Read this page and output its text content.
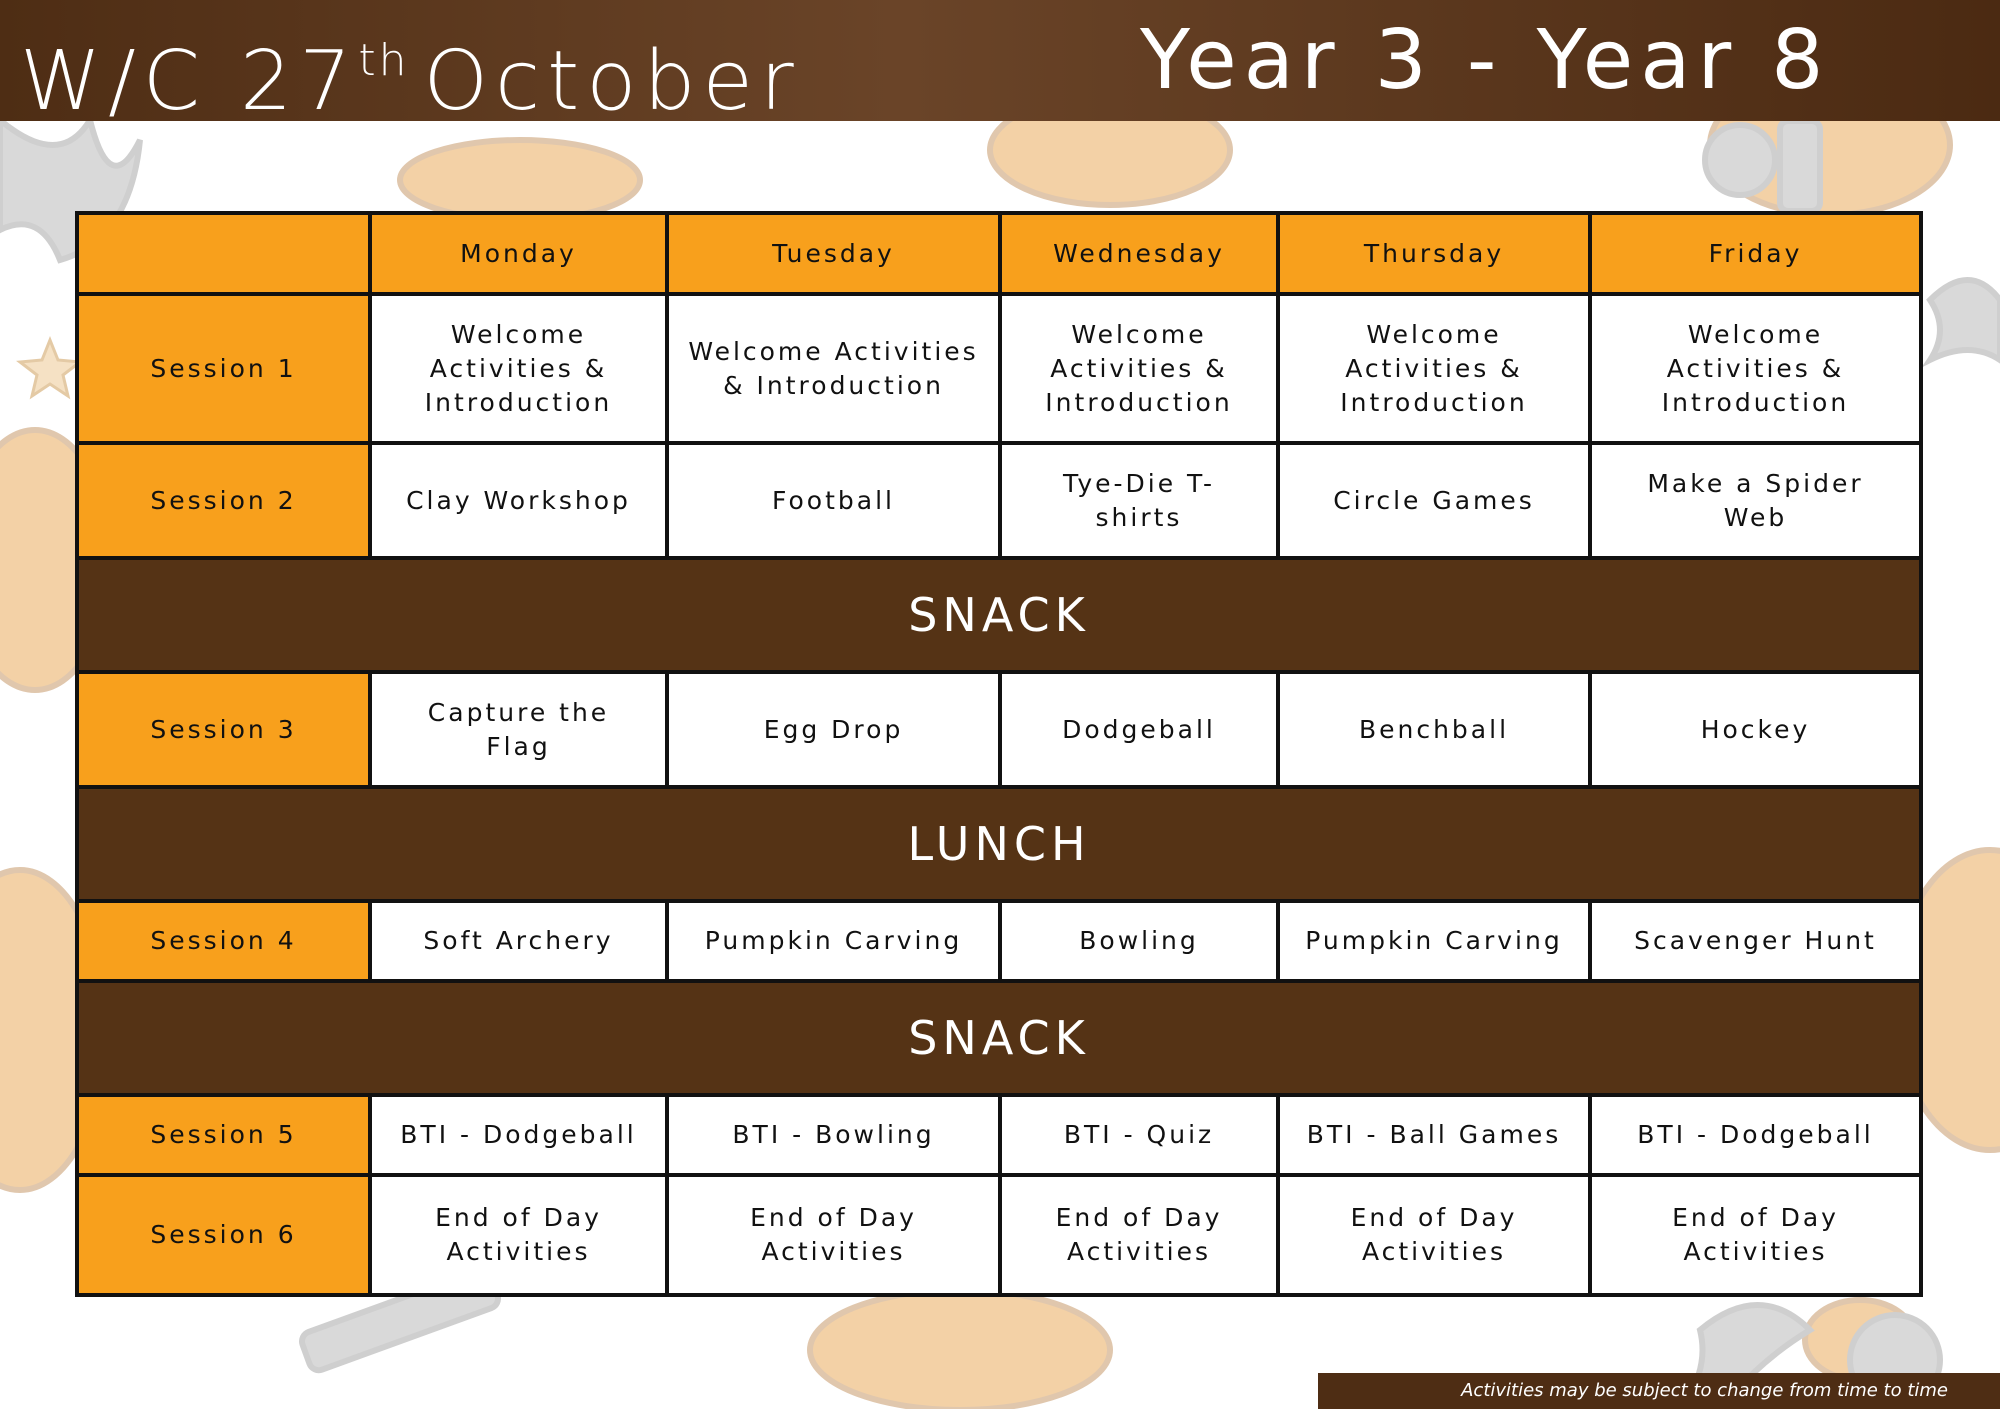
W/C 27th October	Year 3 - Year 8
	Monday	Tuesday	Wednesday	Thursday	Friday
Session 1	Welcome Activities & Introduction	Welcome Activities & Introduction	Welcome Activities & Introduction	Welcome Activities & Introduction	Welcome Activities & Introduction
Session 2	Clay Workshop	Football	Tye-Die T-shirts	Circle Games	Make a Spider Web
SNACK					
Session 3	Capture the Flag	Egg Drop	Dodgeball	Benchball	Hockey
LUNCH					
Session 4	Soft Archery	Pumpkin Carving	Bowling	Pumpkin Carving	Scavenger Hunt
SNACK					
Session 5	BTI - Dodgeball	BTI - Bowling	BTI - Quiz	BTI - Ball Games	BTI - Dodgeball
Session 6	End of Day Activities	End of Day Activities	End of Day Activities	End of Day Activities	End of Day Activities
Activities may be subject to change from time to time
